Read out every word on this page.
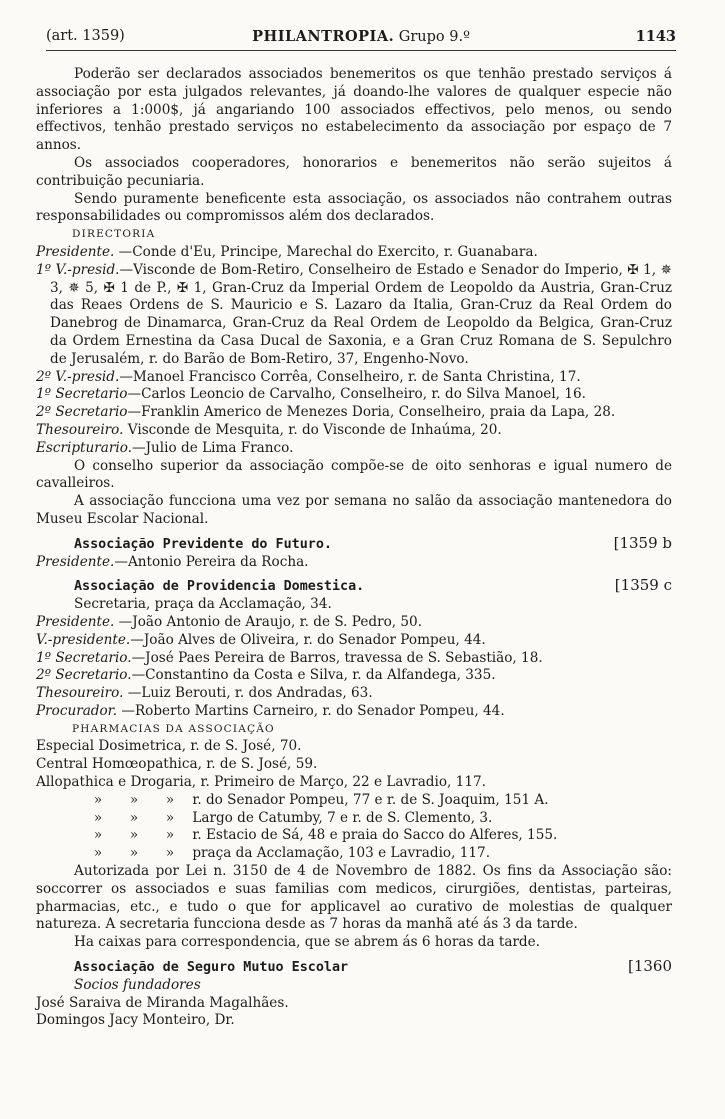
(art. 1359)	PHILANTROPIA. Grupo 9.º	1143

Poderão ser declarados associados benemeritos os que tenhão prestado serviços á associação por esta julgados relevantes, já doando-lhe valores de qualquer especie não inferiores a 1:000$, já angariando 100 associados effectivos, pelo menos, ou sendo effectivos, tenhão prestado serviços no estabelecimento da associação por espaço de 7 annos.

Os associados cooperadores, honorarios e benemeritos não serão sujeitos á contribuição pecuniaria.

Sendo puramente beneficente esta associação, os associados não contrahem outras responsabilidades ou compromissos além dos declarados.

DIRECTORIA

Presidente. —Conde d'Eu, Principe, Marechal do Exercito, r. Guanabara.

1º V.-presid.—Visconde de Bom-Retiro, Conselheiro de Estado e Senador do Imperio, ✠ 1, ✵ 3, ✵ 5, ✠ 1 de P., ✠ 1, Gran-Cruz da Imperial Ordem de Leopoldo da Austria, Gran-Cruz das Reaes Ordens de S. Mauricio e S. Lazaro da Italia, Gran-Cruz da Real Ordem do Danebrog de Dinamarca, Gran-Cruz da Real Ordem de Leopoldo da Belgica, Gran-Cruz da Ordem Ernestina da Casa Ducal de Saxonia, e a Gran Cruz Romana de S. Sepulchro de Jerusalém, r. do Barão de Bom-Retiro, 37, Engenho-Novo.

2º V.-presid.—Manoel Francisco Corrêa, Conselheiro, r. de Santa Christina, 17.

1º Secretario—Carlos Leoncio de Carvalho, Conselheiro, r. do Silva Manoel, 16.

2º Secretario—Franklin Americo de Menezes Doria, Conselheiro, praia da Lapa, 28.

Thesoureiro. Visconde de Mesquita, r. do Visconde de Inhaúma, 20.

Escripturario.—Julio de Lima Franco.

O conselho superior da associação compõe-se de oito senhoras e igual numero de cavalleiros.

A associação funcciona uma vez por semana no salão da associação mantenedora do Museu Escolar Nacional.

Associação Previdente do Futuro.	[1359 b

Presidente.—Antonio Pereira da Rocha.

Associação de Providencia Domestica.	[1359 c

Secretaria, praça da Acclamação, 34.

Presidente. —João Antonio de Araujo, r. de S. Pedro, 50.

V.-presidente.—João Alves de Oliveira, r. do Senador Pompeu, 44.

1º Secretario.—José Paes Pereira de Barros, travessa de S. Sebastião, 18.

2º Secretario.—Constantino da Costa e Silva, r. da Alfandega, 335.

Thesoureiro. —Luiz Berouti, r. dos Andradas, 63.

Procurador. —Roberto Martins Carneiro, r. do Senador Pompeu, 44.

PHARMACIAS DA ASSOCIAÇÃO

Especial Dosimetrica, r. de S. José, 70.

Central Homœopathica, r. de S. José, 59.

Allopathica e Drogaria, r. Primeiro de Março, 22 e Lavradio, 117.

» » » r. do Senador Pompeu, 77 e r. de S. Joaquim, 151 A.

» » » Largo de Catumby, 7 e r. de S. Clemento, 3.

» » » r. Estacio de Sá, 48 e praia do Sacco do Alferes, 155.

» » » praça da Acclamação, 103 e Lavradio, 117.

Autorizada por Lei n. 3150 de 4 de Novembro de 1882. Os fins da Associação são: soccorrer os associados e suas familias com medicos, cirurgiões, dentistas, parteiras, pharmacias, etc., e tudo o que for applicavel ao curativo de molestias de qualquer natureza. A secretaria funcciona desde as 7 horas da manhã até ás 3 da tarde.

Ha caixas para correspondencia, que se abrem ás 6 horas da tarde.

Associação de Seguro Mutuo Escolar	[1360

Socios fundadores

José Saraiva de Miranda Magalhães.

Domingos Jacy Monteiro, Dr.
